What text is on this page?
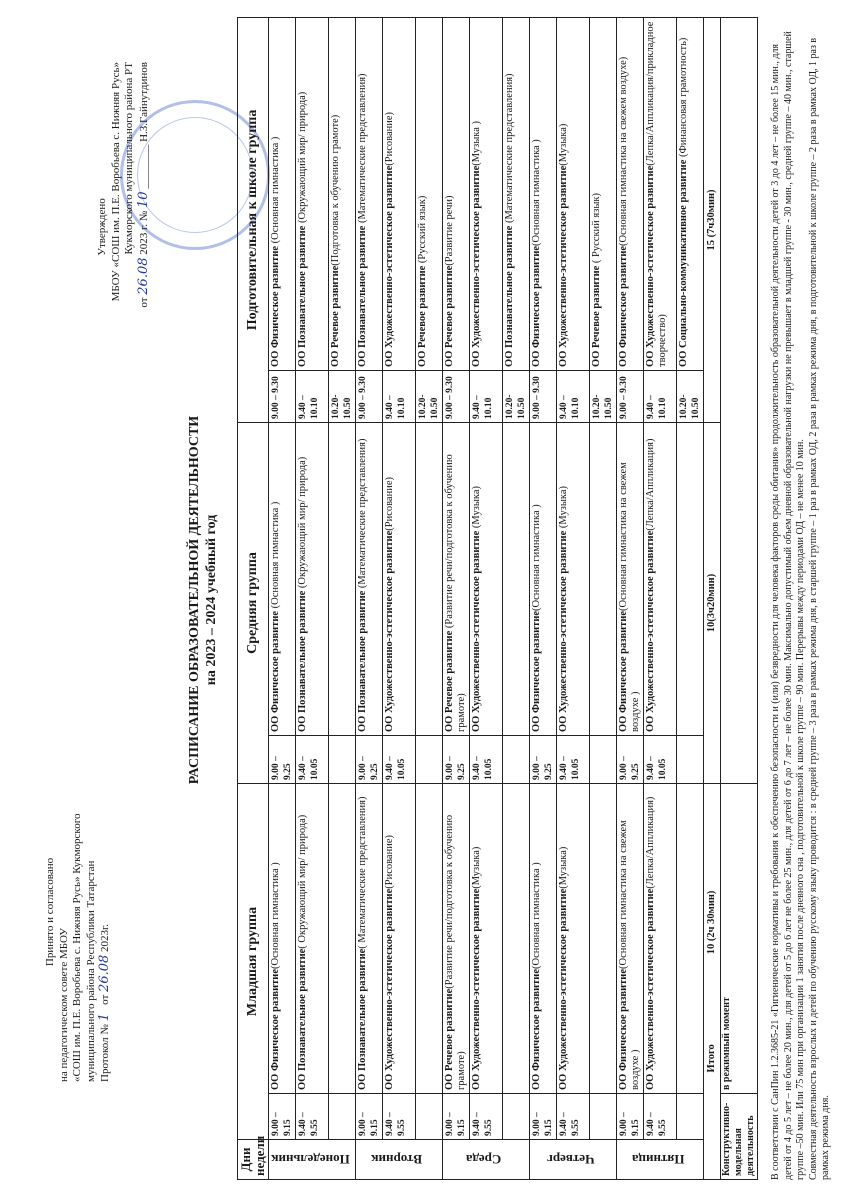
Принято и согласовано
на педагогическом совете МБОУ «СОШ им. П.Е. Воробьева с. Нижняя Русь» Кукморского муниципального района Республики Татарстан Протокол № 1   от 26.08 2023г.
Утверждено МБОУ «СОШ им. П.Е. Воробьева с. Нижняя Русь» Кукморского муниципального района РТ
от 26.08 2023 г. № 10 ________ Н.З.Гайнутдинов
РАСПИСАНИЕ ОБРАЗОВАТЕЛЬНОЙ ДЕЯТЕЛЬНОСТИ на 2023 – 2024 учебный год
Дни недели	Младшая группа		Средняя группа		Подготовительная к школе группа	
Понедельник	9.00 –9.15	ОО Физическое развитие(Основная гимнастика )	9.00 – 9.25	ОО Физическое развитие (Основная гимнастика )	9.00 – 9.30	ОО Физическое развитие (Основная гимнастика )
	9.40 –9.55	ОО Познавательное развитие( Окружающий мир/ природа)	9.40 – 10.05	ОО Познавательное развитие (Окружающий мир/ природа)	9.40 – 10.10	ОО Познавательное развитие (Окружающий мир/ природа)
					10.20-10.50	ОО Речевое развитие(Подготовка к обучению грамоте)
Вторник	9.00 – 9.15	ОО Познавательное развитие( Математические представления)	9.00 – 9.25	ОО Познавательное развитие (Математические представления)	9.00 – 9.30	ОО Познавательное развитие (Математические представления)
	9.40 – 9.55	ОО Художественно-эстетическое развитие(Рисование)	9.40 – 10.05	ОО Художественно-эстетическое развитие(Рисование)	9.40 – 10.10	ОО Художественно-эстетическое развитие(Рисование)
					10.20-10.50	ОО Речевое развитие (Русский язык)
Среда	9.00 – 9.15	ОО Речевое развитие(Развитие речи/подготовка к обучению грамоте)	9.00 – 9.25	ОО Речевое развитие (Развитие речи/подготовка к обучению грамоте)	9.00 – 9.30	ОО Речевое развитие(Развитие речи)
	9.40 –9.55	ОО Художественно-эстетическое развитие(Музыка)	9.40 – 10.05	ОО Художественно-эстетическое развитие (Музыка)	9.40 – 10.10	ОО Художественно-эстетическое развитие(Музыка )
					10.20-10.50	ОО Познавательное развитие (Математические представления)
Четверг	9.00 – 9.15	ОО Физическое развитие(Основная гимнастика )	9.00 – 9.25	ОО Физическое развитие(Основная гимнастика )	9.00 – 9.30	ОО Физическое развитие(Основная гимнастика )
	9.40 –9.55	ОО Художественно-эстетическое развитие(Музыка)	9.40 – 10.05	ОО Художественно-эстетическое развитие (Музыка)	9.40 – 10.10	ОО Художественно-эстетическое развитие(Музыка)
					10.20-10.50	ОО Речевое развитие ( Русский язык)
Пятница	9.00 – 9.15	ОО Физическое развитие(Основная гимнастика на свежем воздухе )	9.00 – 9.25	ОО Физическое развитие(Основная гимнастика на свежем воздухе )	9.00 – 9.30	ОО Физическое развитие(Основная гимнастика на свежем воздухе)
	9.40 –9.55	ОО Художественно-эстетическое развитие(Лепка/Аппликация)	9.40 – 10.05	ОО Художественно-эстетическое развитие(Лепка/Аппликация)	9.40 – 10.10	ОО Художественно-эстетическое развитие(Лепка/Аппликация/прикладное творчество)
					10.20-10.50	ОО Социально-коммуникативное развитие (Финансовая грамотность)
Итого10 (2ч 30мин)			10(3ч20мин)		15 (7ч30мин)	
Конструктивно-модельная деятельность		в режимный момент					В соответствии с СанПин 1.2.3685-21 «Гигиенические нормативы и требования к обеспечению безопасности и (или) безвредности для человека факторов среды обитания» продолжительность образовательной деятельности детей от 3 до 4 лет – не более 15 мин., для детей от 4 до 5 лет – не более 20 мин., для детей от 5 до 6 лет не более 25 мин., для детей от 6 до 7 лет – не более 30 мин. Максимально допустимый объем дневной образовательной нагрузки не превышает в младшей группе - 30 мин., средней группе – 40 мин., старшей группе –50 мин. Или 75 мин при организации 1 занятия после дневного сна , подготовительной к школе группе – 90 мин. Перерывы между периодами ОД – не менее 10 мин. Совместная деятельность взрослых и детей по обучению русскому языку проводится : в средней группе – 3 раза в рамках режима дня, в старшей группе – 1 раз в рамках ОД, 2 раза в рамках режима дня, в подготовительной к школе группе – 2 раза в рамках ОД, 1 раз в рамках режима дня.
